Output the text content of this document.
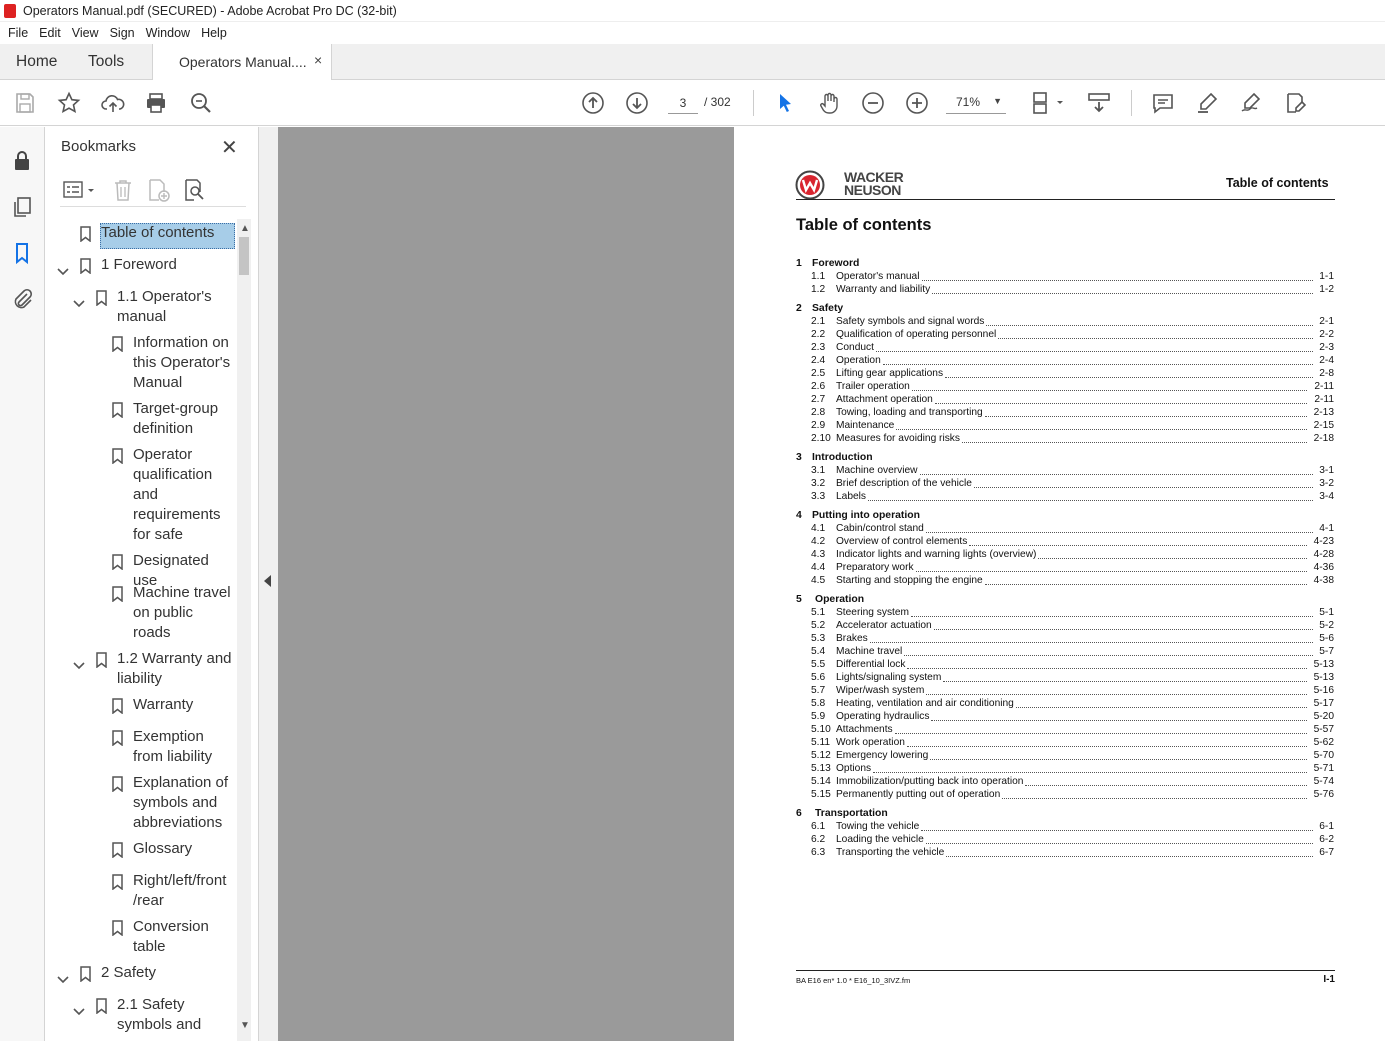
Operators Manual.pdf (SECURED) - Adobe Acrobat Pro DC (32-bit)
File Edit View Sign Window Help
Home Tools	Operators Manual.... ×
3
/ 302	71% ▼
Bookmarks	✕
Table of contents
1 Foreword
1.1 Operator's
manual
Information on
this Operator's
Manual
Target-group
definition
Operator
qualification
and
requirements
for safe
Designated use
Machine travel
on public
roads
1.2 Warranty and
liability
Warranty
Exemption
from liability
Explanation of
symbols and
abbreviations
Glossary
Right/left/front
/rear
Conversion
table
2 Safety
2.1 Safety
symbols and
▲
▼
WACKER
NEUSON	Table of contents
Table of contents
BA E16 en* 1.0 * E16_10_3IVZ.fm	I-1
1 Foreword
1.1 Operator's manual	1-1
1.2 Warranty and liability	1-2
2 Safety
2.1 Safety symbols and signal words	2-1
2.2 Qualification of operating personnel	2-2
2.3 Conduct	2-3
2.4 Operation	2-4
2.5 Lifting gear applications	2-8
2.6 Trailer operation	2-11
2.7 Attachment operation	2-11
2.8 Towing, loading and transporting	2-13
2.9 Maintenance	2-15
2.10 Measures for avoiding risks	2-18
3 Introduction
3.1 Machine overview	3-1
3.2 Brief description of the vehicle	3-2
3.3 Labels	3-4
4 Putting into operation
4.1 Cabin/control stand	4-1
4.2 Overview of control elements	4-23
4.3 Indicator lights and warning lights (overview)	4-28
4.4 Preparatory work	4-36
4.5 Starting and stopping the engine	4-38
5 Operation
5.1 Steering system	5-1
5.2 Accelerator actuation	5-2
5.3 Brakes	5-6
5.4 Machine travel	5-7
5.5 Differential lock	5-13
5.6 Lights/signaling system	5-13
5.7 Wiper/wash system	5-16
5.8 Heating, ventilation and air conditioning	5-17
5.9 Operating hydraulics	5-20
5.10 Attachments	5-57
5.11 Work operation	5-62
5.12 Emergency lowering	5-70
5.13 Options	5-71
5.14 Immobilization/putting back into operation	5-74
5.15 Permanently putting out of operation	5-76
6 Transportation
6.1 Towing the vehicle	6-1
6.2 Loading the vehicle	6-2
6.3 Transporting the vehicle	6-7
